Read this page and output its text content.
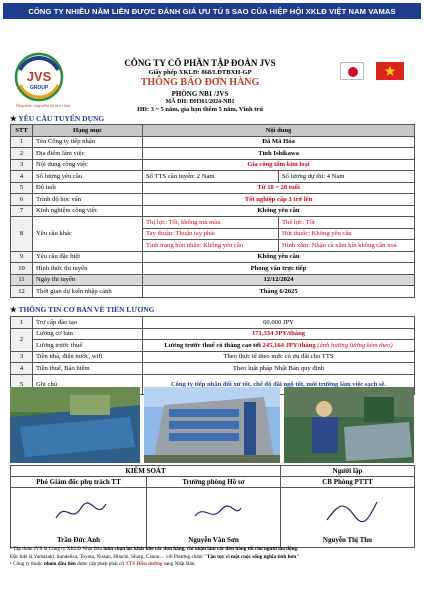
CÔNG TY NHIỀU NĂM LIỀN ĐƯỢC ĐÁNH GIÁ ƯU TÚ 5 SAO CỦA HIỆP HỘI XKLĐ VIỆT NAM VAMAS
JVS
GROUP
Vững bước cùng niềm tin và tri thức
CÔNG TY CỔ PHẦN TẬP ĐOÀN JVS
Giấy phép XKLĐ: 868/LĐTBXH-GP
THÔNG BÁO ĐƠN HÀNG
PHÒNG NB1 /JVS
MÃ ĐH: ĐH361/2024-NB1
HĐ: 3 ~ 5 năm, gia hạn thêm 5 năm, Vĩnh trú
★ YÊU CẦU TUYỂN DỤNG
STT	Hạng mục	Nội dung	
1	Tên Công ty tiếp nhận	Đã Mã Hóa	
2	Địa điểm làm việc	Tỉnh Ishikawa	
3	Nội dung công việc	Gia công tấm kim loại	
4	Số lượng yêu cầu	Số TTS cần tuyển: 2 Nam	Số lượng dự thi: 4 Nam
5	Độ tuổi	Từ 18 ~ 28 tuổi	
6	Trình độ học vấn	Tốt nghiệp cấp 3 trở lên	
7	Kinh nghiệm công việc	Không yêu cầu	
8	Yêu cầu khác	Thị lực: Tốt, không mù màu	Thể lực: Tốt
		Tay thuận: Thuận tay phải	Hút thuốc: Không yêu cầu
		Tình trạng hôn nhân: Không yêu cầu	Hình xăm: Nhận cả xăm kín không cần xoá
9	Yêu cầu đặc biệt	Không yêu cầu	
10	Hình thức thi tuyển	Phỏng vấn trực tiếp	
11	Ngày thi tuyển	12/12/2024	
12	Thời gian dự kiến nhập cảnh	Tháng 6/2025	
★ THÔNG TIN CƠ BẢN VỀ TIỀN LƯƠNG
1	Trợ cấp đào tạo	60,000 JPY
2	Lương cơ bản	171,334 JPY/tháng
	Lương trước thuế	Lương trước thuế có tháng cao tới 245,164 JPY/tháng (ảnh hưởng lương kèm theo)
3	Tiền nhà, điện nước, wifi	Theo thực tế theo mức có ưu đãi cho TTS
4	Tiền thuế, Bảo hiểm	Theo luật pháp Nhật Bản quy định
5	Ghi chú	Công ty tiếp nhận đối xử tốt, chế độ đãi ngộ tốt, môi trường làm việc sạch sẽ.
KIỂM SOÁT		Người lập
Phó Giám đốc phụ trách TT	Trưởng phòng Hồ sơ	CB Phòng PTTT

Trần Đức Anh	Nguyễn Văn Sơn	Nguyễn Thị Thu
• Tập đoàn JVS là Công ty XKLĐ Nhật Bản luôn chọn lọc khắt khe các đơn hàng, chỉ nhận làm các đơn hàng tốt cho người lao động.
Đặc biệt là Yamazaki, Sundelica, Toyota, Nissan, Hitachi, Sharp, Canon… với Phương châm "Tận tụy vì một cuộc sống nghĩa tình hơn"
• Công ty thuộc nhóm đầu tiên được cấp phép phái cử TTS Điều dưỡng sang Nhật Bản.
